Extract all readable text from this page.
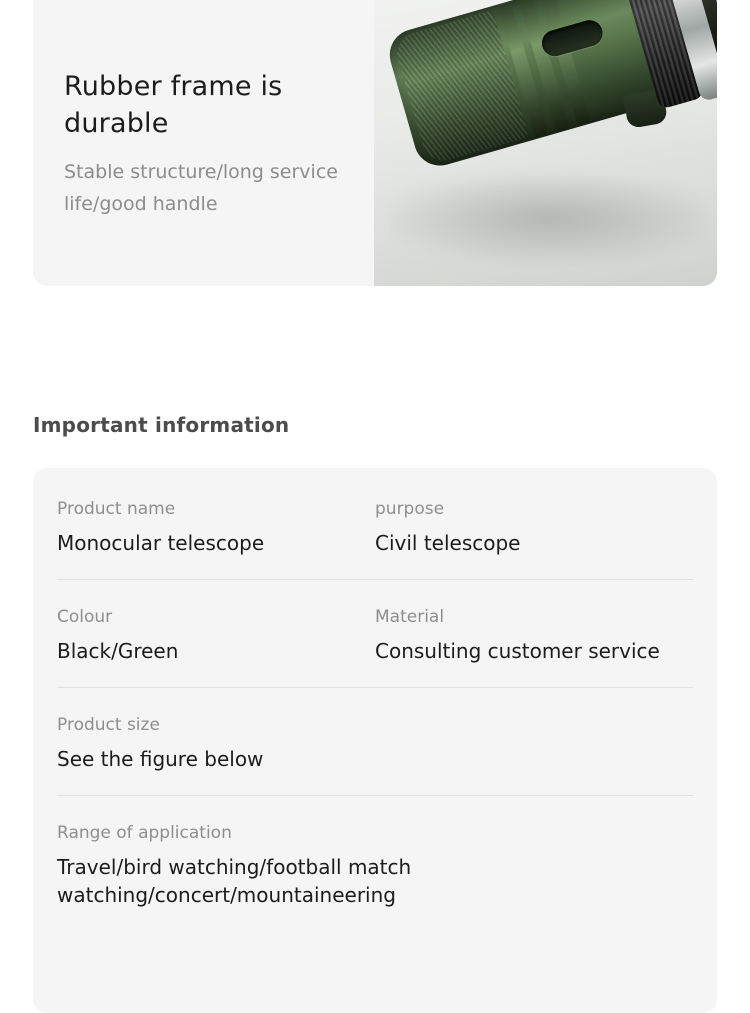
Rubber frame is durable
Stable structure/long service life/good handle
Important information
Product name
Monocular telescope
purpose
Civil telescope
Colour
Black/Green
Material
Consulting customer service
Product size
See the figure below
Range of application
Travel/bird watching/football match watching/concert/mountaineering
